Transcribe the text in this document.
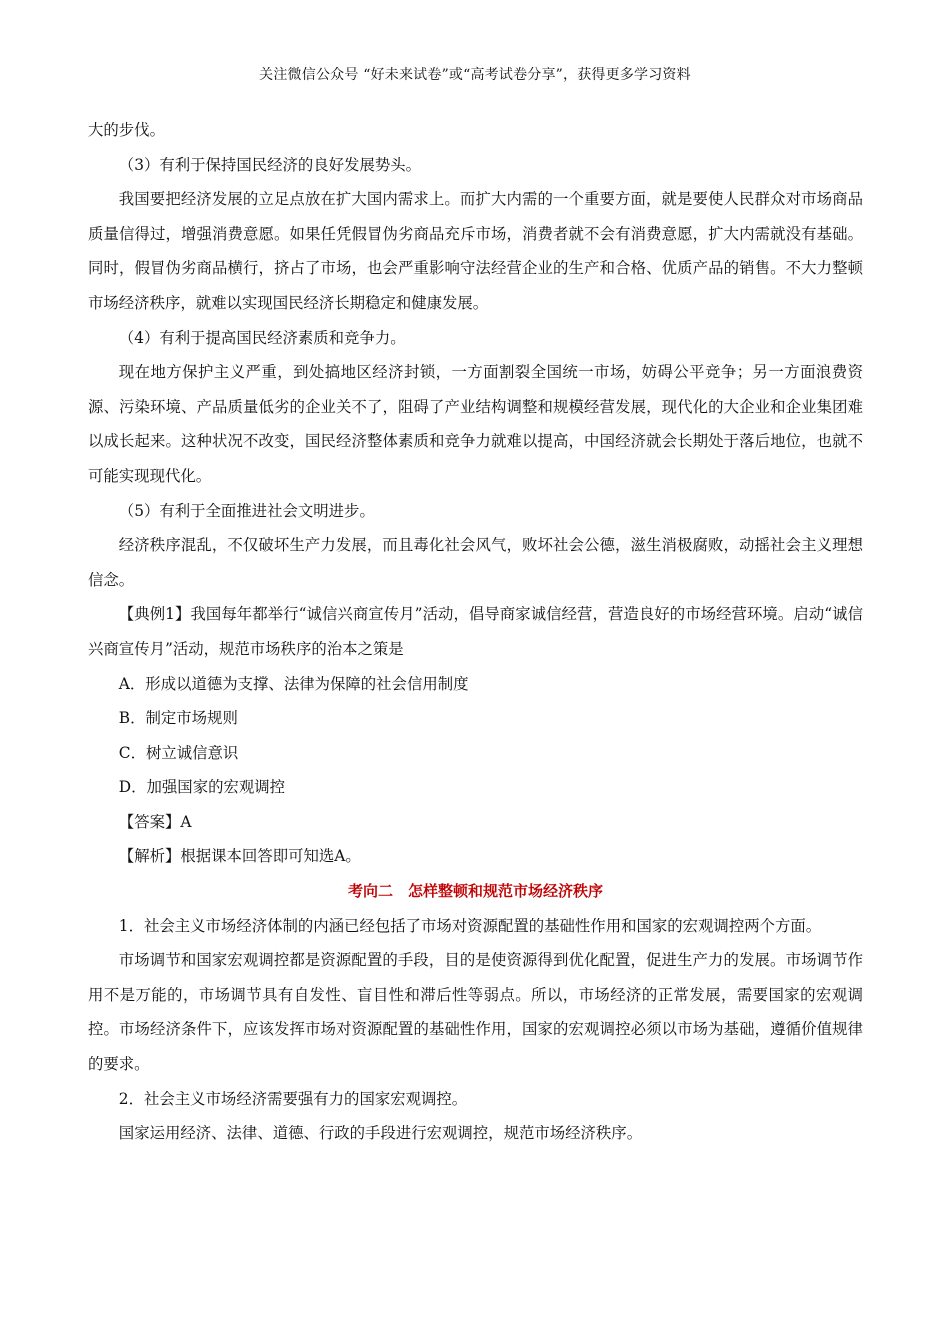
关注微信公众号 “好未来试卷”或“高考试卷分享”，获得更多学习资料

大的步伐。

（3）有利于保持国民经济的良好发展势头。

我国要把经济发展的立足点放在扩大国内需求上。而扩大内需的一个重要方面，就是要使人民群众对市场商品质量信得过，增强消费意愿。如果任凭假冒伪劣商品充斥市场，消费者就不会有消费意愿，扩大内需就没有基础。同时，假冒伪劣商品横行，挤占了市场，也会严重影响守法经营企业的生产和合格、优质产品的销售。不大力整顿市场经济秩序，就难以实现国民经济长期稳定和健康发展。

（4）有利于提高国民经济素质和竞争力。

现在地方保护主义严重，到处搞地区经济封锁，一方面割裂全国统一市场，妨碍公平竞争；另一方面浪费资源、污染环境、产品质量低劣的企业关不了，阻碍了产业结构调整和规模经营发展，现代化的大企业和企业集团难以成长起来。这种状况不改变，国民经济整体素质和竞争力就难以提高，中国经济就会长期处于落后地位，也就不可能实现现代化。

（5）有利于全面推进社会文明进步。

经济秩序混乱，不仅破坏生产力发展，而且毒化社会风气，败坏社会公德，滋生消极腐败，动摇社会主义理想信念。

【典例1】我国每年都举行“诚信兴商宣传月”活动，倡导商家诚信经营，营造良好的市场经营环境。启动“诚信兴商宣传月”活动，规范市场秩序的治本之策是

A．形成以道德为支撑、法律为保障的社会信用制度

B．制定市场规则

C．树立诚信意识

D．加强国家的宏观调控

【答案】A

【解析】根据课本回答即可知选A。

考向二　怎样整顿和规范市场经济秩序

1．社会主义市场经济体制的内涵已经包括了市场对资源配置的基础性作用和国家的宏观调控两个方面。

市场调节和国家宏观调控都是资源配置的手段，目的是使资源得到优化配置，促进生产力的发展。市场调节作用不是万能的，市场调节具有自发性、盲目性和滞后性等弱点。所以，市场经济的正常发展，需要国家的宏观调控。市场经济条件下，应该发挥市场对资源配置的基础性作用，国家的宏观调控必须以市场为基础，遵循价值规律的要求。

2．社会主义市场经济需要强有力的国家宏观调控。

国家运用经济、法律、道德、行政的手段进行宏观调控，规范市场经济秩序。
